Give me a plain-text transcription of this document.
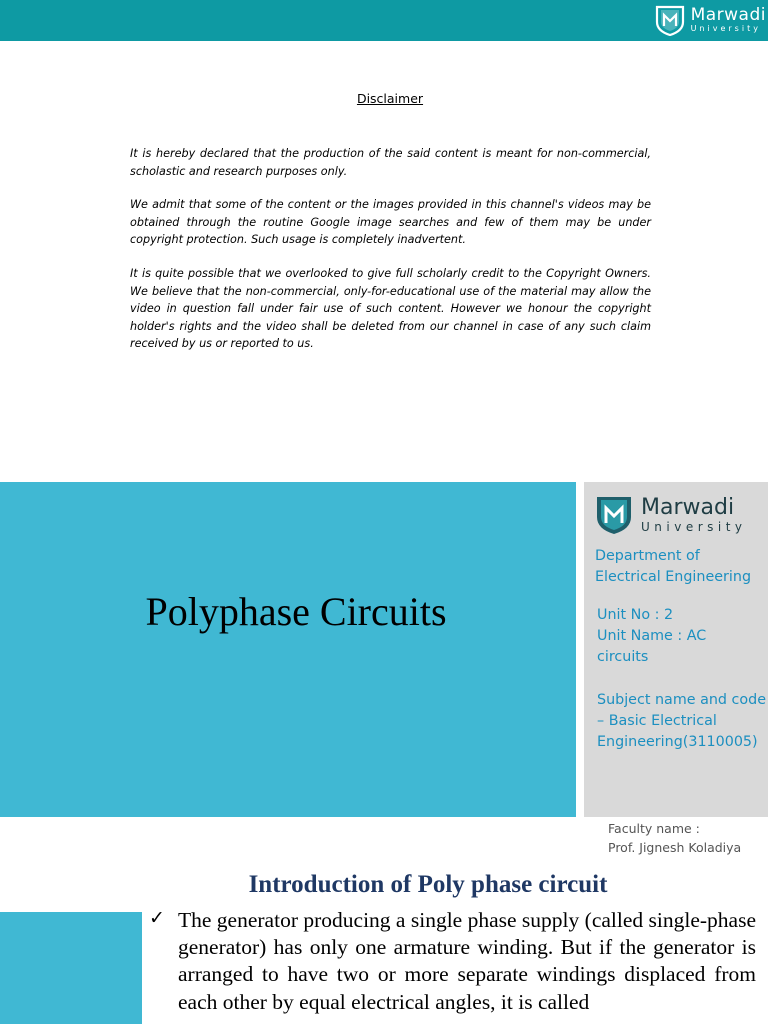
Marwadi
University
Disclaimer

It is hereby declared that the production of the said content is meant for non-commercial, scholastic and research purposes only.

We admit that some of the content or the images provided in this channel's videos may be obtained through the routine Google image searches and few of them may be under copyright protection. Such usage is completely inadvertent.

It is quite possible that we overlooked to give full scholarly credit to the Copyright Owners. We believe that the non-commercial, only-for-educational use of the material may allow the video in question fall under fair use of such content. However we honour the copyright holder's rights and the video shall be deleted from our channel in case of any such claim received by us or reported to us.

Polyphase Circuits
Marwadi
University
Department of Electrical Engineering
Unit No : 2
Unit Name : AC circuits
Subject name and code – Basic Electrical Engineering(3110005)
Faculty name :
Prof. Jignesh Koladiya
Introduction of Poly phase circuit
✓ The generator producing a single phase supply (called single-phase generator) has only one armature winding. But if the generator is arranged to have two or more separate windings displaced from each other by equal electrical angles, it is called
